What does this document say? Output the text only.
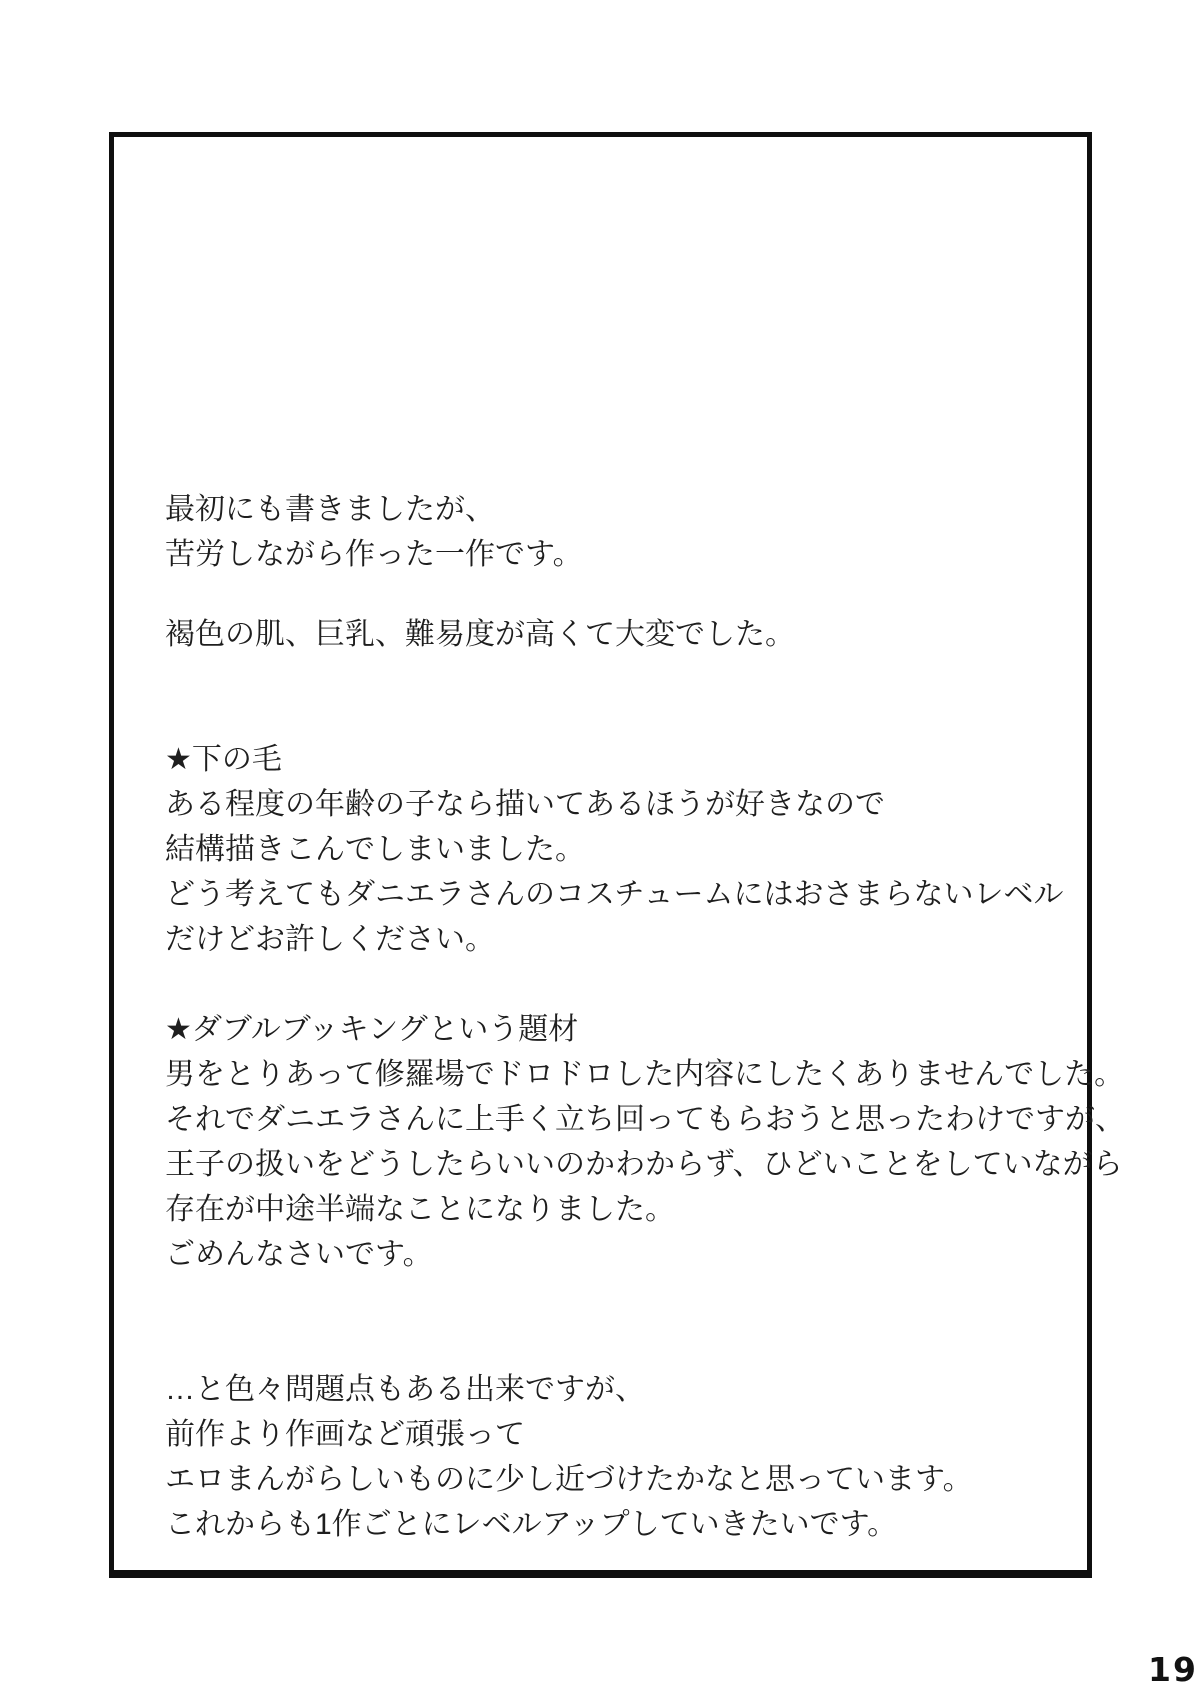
最初にも書きましたが、
苦労しながら作った一作です。

褐色の肌、巨乳、難易度が高くて大変でした。

★下の毛
ある程度の年齢の子なら描いてあるほうが好きなので
結構描きこんでしまいました。
どう考えてもダニエラさんのコスチュームにはおさまらないレベル
だけどお許しください。

★ダブルブッキングという題材
男をとりあって修羅場でドロドロした内容にしたくありませんでした。
それでダニエラさんに上手く立ち回ってもらおうと思ったわけですが、
王子の扱いをどうしたらいいのかわからず、ひどいことをしていながら
存在が中途半端なことになりました。
ごめんなさいです。

…と色々問題点もある出来ですが、
前作より作画など頑張って
エロまんがらしいものに少し近づけたかなと思っています。
これからも1作ごとにレベルアップしていきたいです。

19
